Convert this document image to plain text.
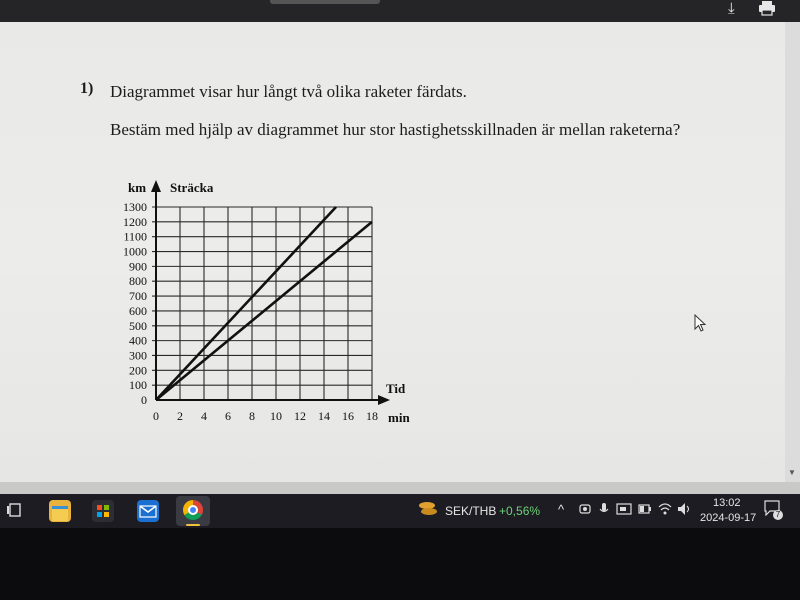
⤓
▼
1) Diagrammet visar hur långt två olika raketer färdats.
Bestäm med hjälp av diagrammet hur stor hastighetsskillnaden är mellan raketerna?
0
100
200
300
400
500
600
700
800
900
1000
1100
1200
1300
0 2 4 6 8 10 12 14 16 18
km Sträcka
Tid
min
SEK/THB +0,56% ^	13:02
2024-09-17	7
